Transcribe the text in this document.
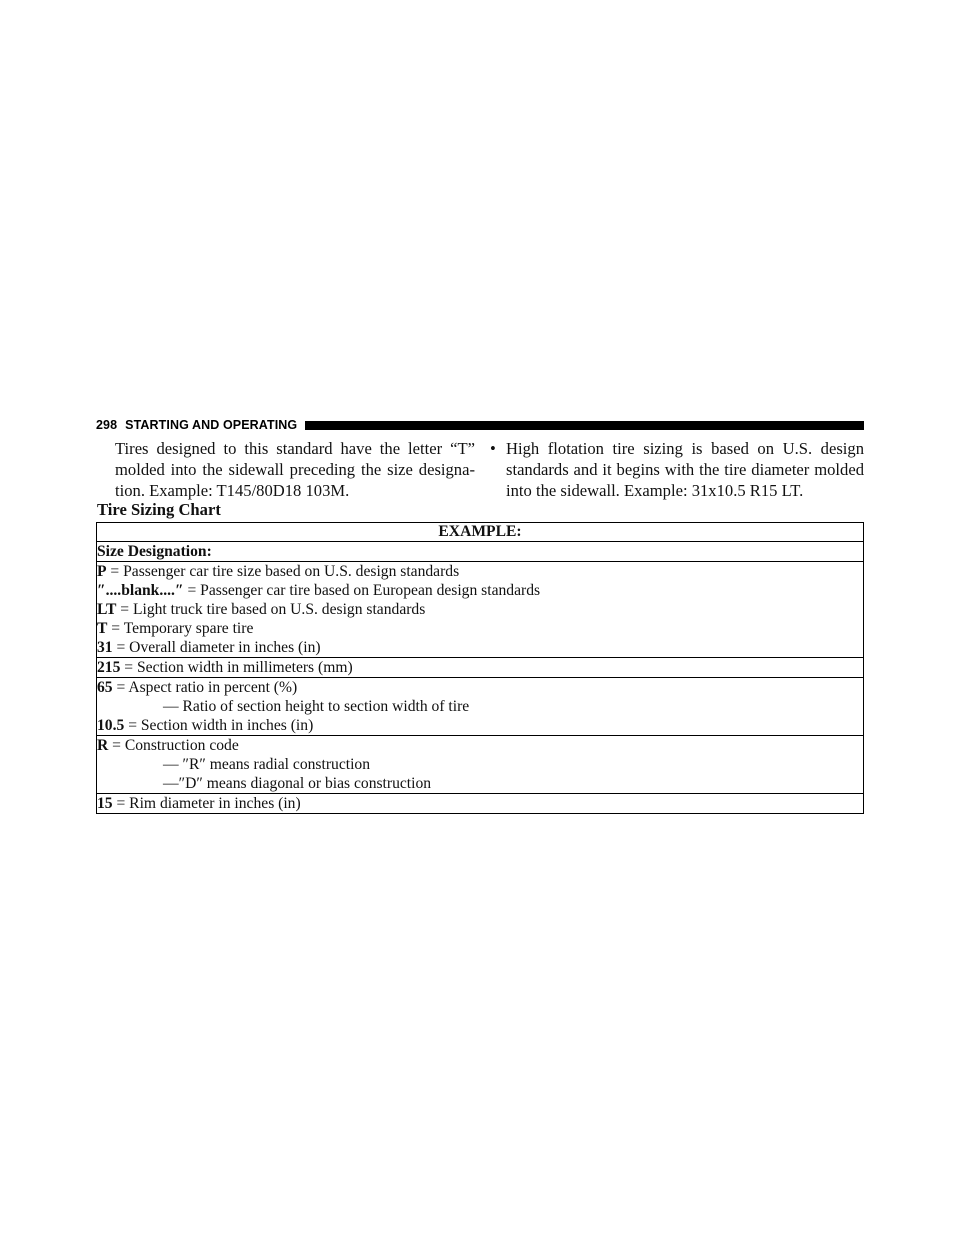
298 STARTING AND OPERATING

Tires designed to this standard have the letter “T” molded into the sidewall preceding the size designa- tion. Example: T145/80D18 103M.

• High flotation tire sizing is based on U.S. design standards and it begins with the tire diameter molded into the sidewall. Example: 31x10.5 R15 LT.
Tire Sizing Chart
EXAMPLE:
Size Designation:

P = Passenger car tire size based on U.S. design standards
″....blank....″ = Passenger car tire based on European design standards
LT = Light truck tire based on U.S. design standards
T = Temporary spare tire
31 = Overall diameter in inches (in)

215 = Section width in millimeters (mm)

65 = Aspect ratio in percent (%)
— Ratio of section height to section width of tire
10.5 = Section width in inches (in)

R = Construction code
— ″R″ means radial construction
—″D″ means diagonal or bias construction

15 = Rim diameter in inches (in)
